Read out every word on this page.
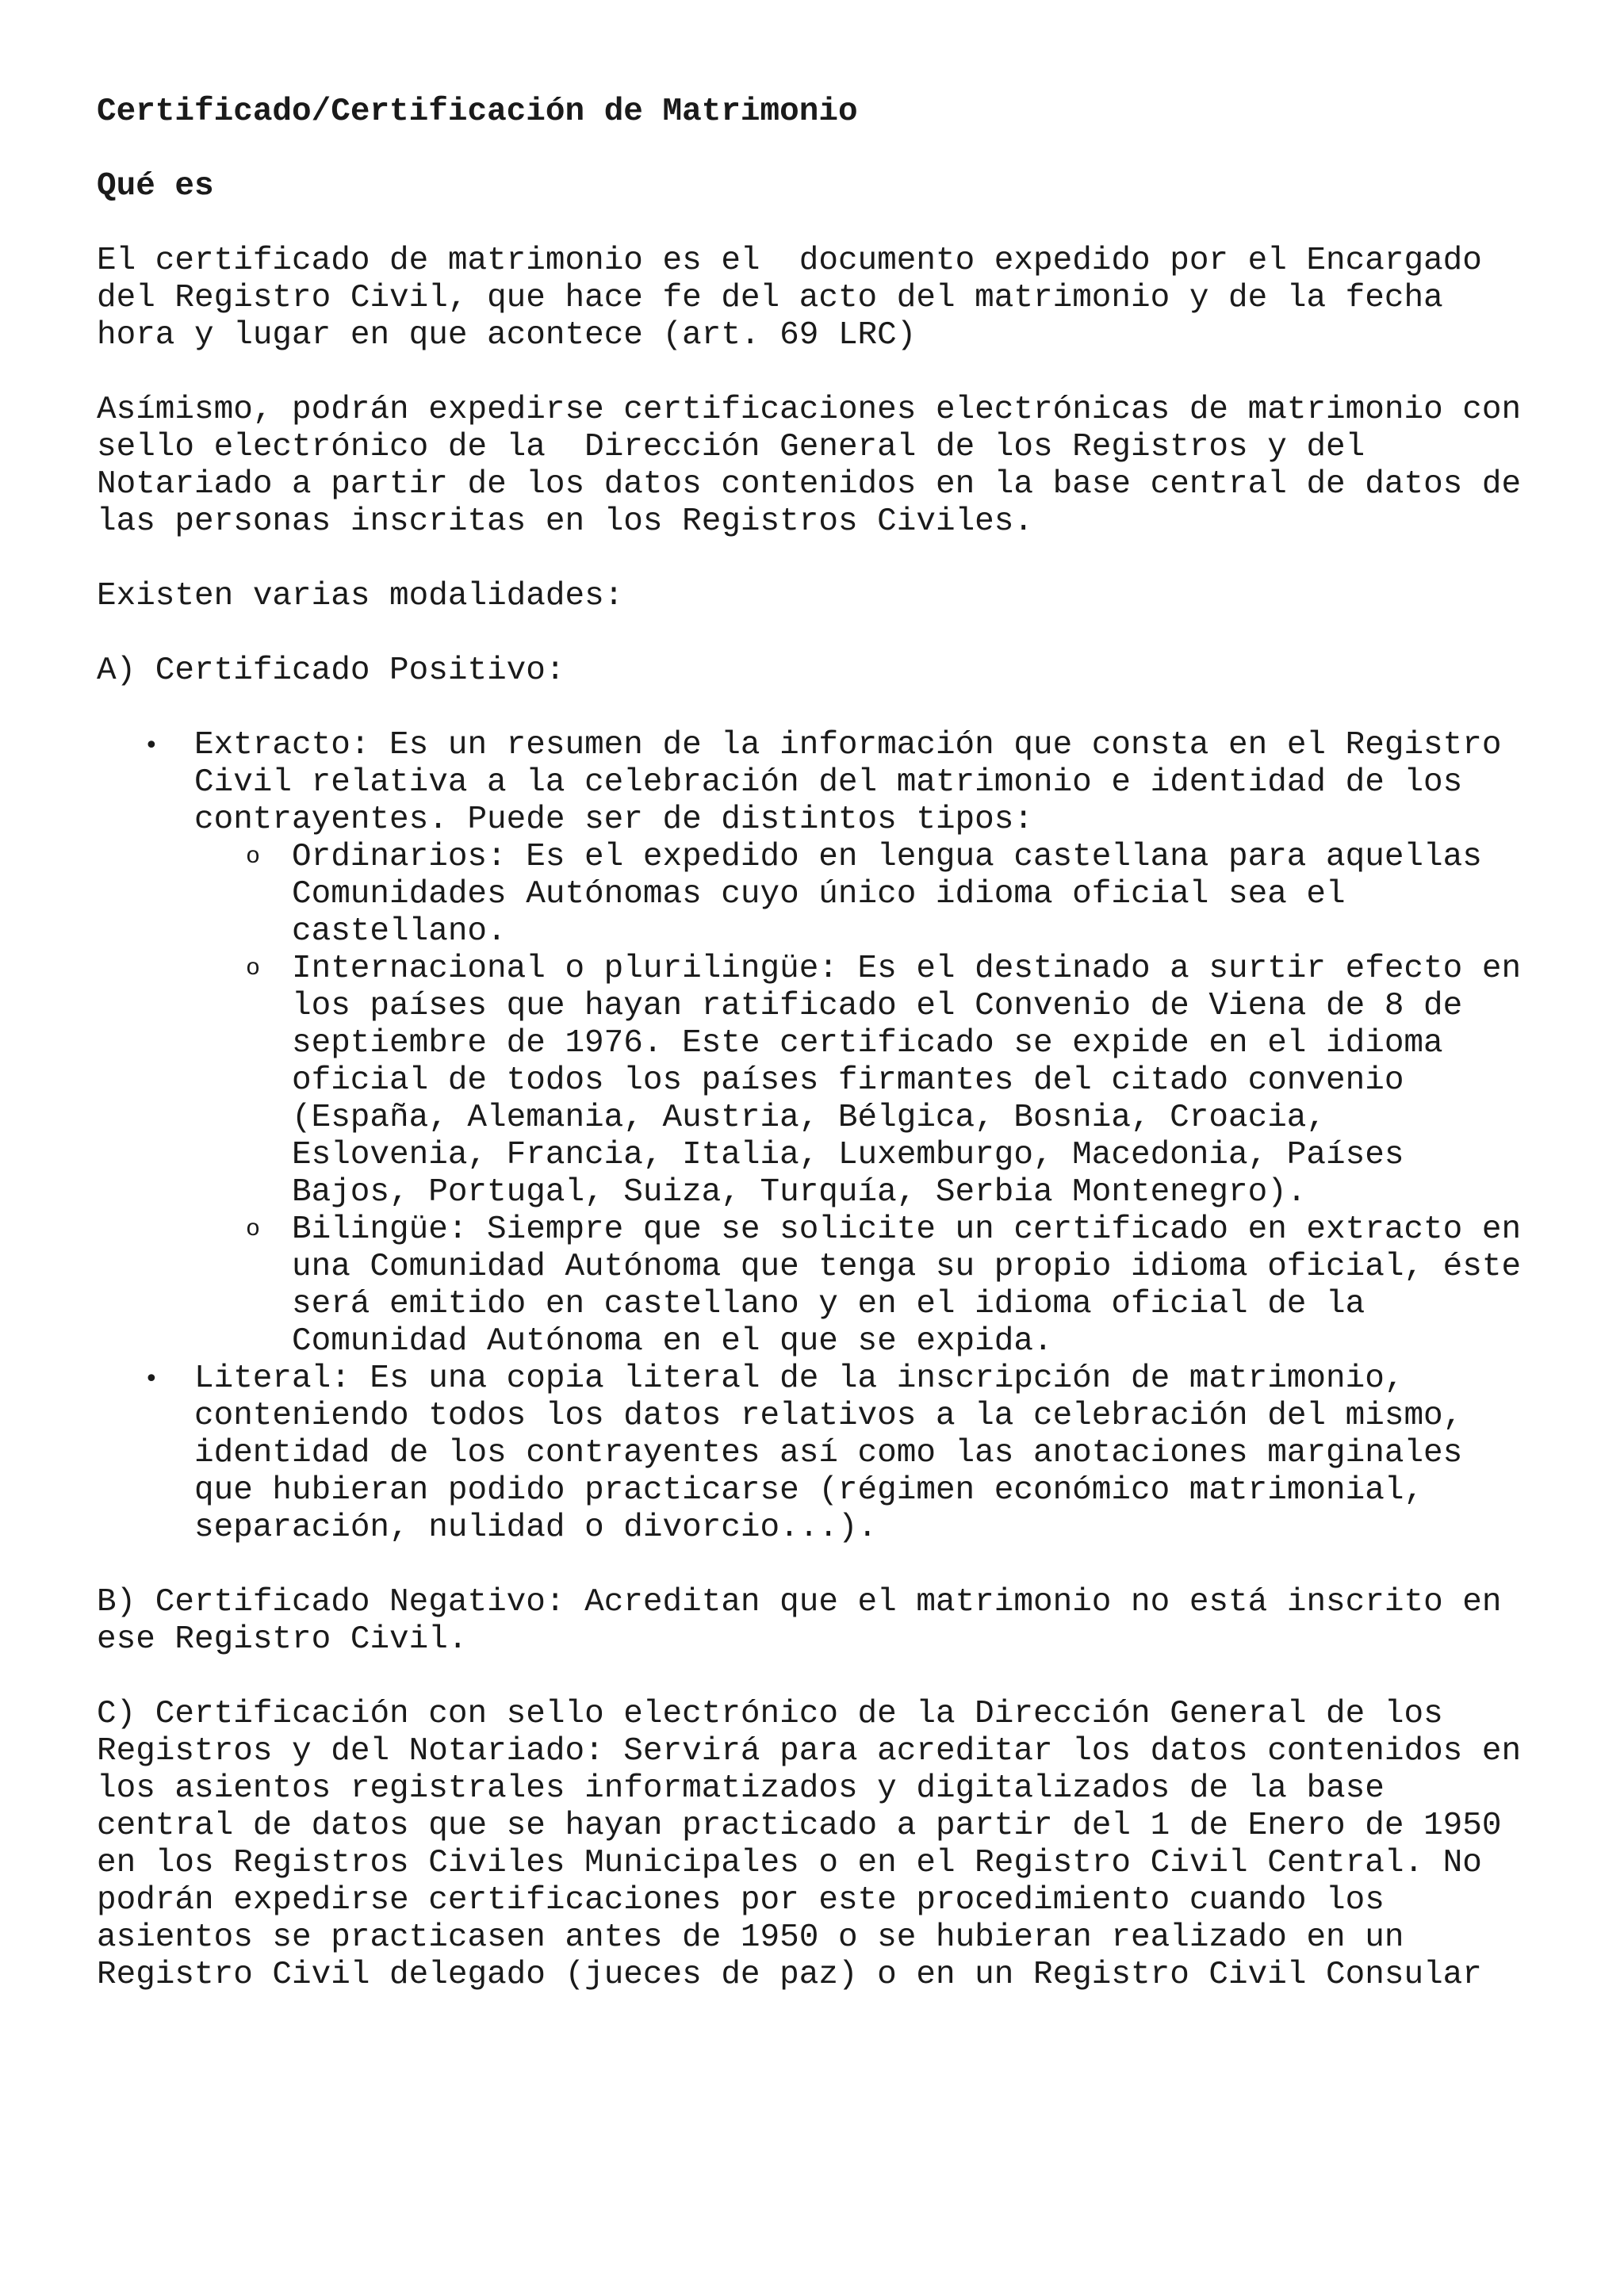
Certificado/Certificación de Matrimonio
Qué es

El certificado de matrimonio es el  documento expedido por el Encargado
del Registro Civil, que hace fe del acto del matrimonio y de la fecha
hora y lugar en que acontece (art. 69 LRC)

Asímismo, podrán expedirse certificaciones electrónicas de matrimonio con
sello electrónico de la  Dirección General de los Registros y del
Notariado a partir de los datos contenidos en la base central de datos de
las personas inscritas en los Registros Civiles.

Existen varias modalidades:

A) Certificado Positivo:

• Extracto: Es un resumen de la información que consta en el Registro
Civil relativa a la celebración del matrimonio e identidad de los
contrayentes. Puede ser de distintos tipos:
o Ordinarios: Es el expedido en lengua castellana para aquellas
Comunidades Autónomas cuyo único idioma oficial sea el
castellano.
o Internacional o plurilingüe: Es el destinado a surtir efecto en
los países que hayan ratificado el Convenio de Viena de 8 de
septiembre de 1976. Este certificado se expide en el idioma
oficial de todos los países firmantes del citado convenio
(España, Alemania, Austria, Bélgica, Bosnia, Croacia,
Eslovenia, Francia, Italia, Luxemburgo, Macedonia, Países
Bajos, Portugal, Suiza, Turquía, Serbia Montenegro).
o Bilingüe: Siempre que se solicite un certificado en extracto en
una Comunidad Autónoma que tenga su propio idioma oficial, éste
será emitido en castellano y en el idioma oficial de la
Comunidad Autónoma en el que se expida.
• Literal: Es una copia literal de la inscripción de matrimonio,
conteniendo todos los datos relativos a la celebración del mismo,
identidad de los contrayentes así como las anotaciones marginales
que hubieran podido practicarse (régimen económico matrimonial,
separación, nulidad o divorcio...).

B) Certificado Negativo: Acreditan que el matrimonio no está inscrito en
ese Registro Civil.

C) Certificación con sello electrónico de la Dirección General de los
Registros y del Notariado: Servirá para acreditar los datos contenidos en
los asientos registrales informatizados y digitalizados de la base
central de datos que se hayan practicado a partir del 1 de Enero de 1950
en los Registros Civiles Municipales o en el Registro Civil Central. No
podrán expedirse certificaciones por este procedimiento cuando los
asientos se practicasen antes de 1950 o se hubieran realizado en un
Registro Civil delegado (jueces de paz) o en un Registro Civil Consular
